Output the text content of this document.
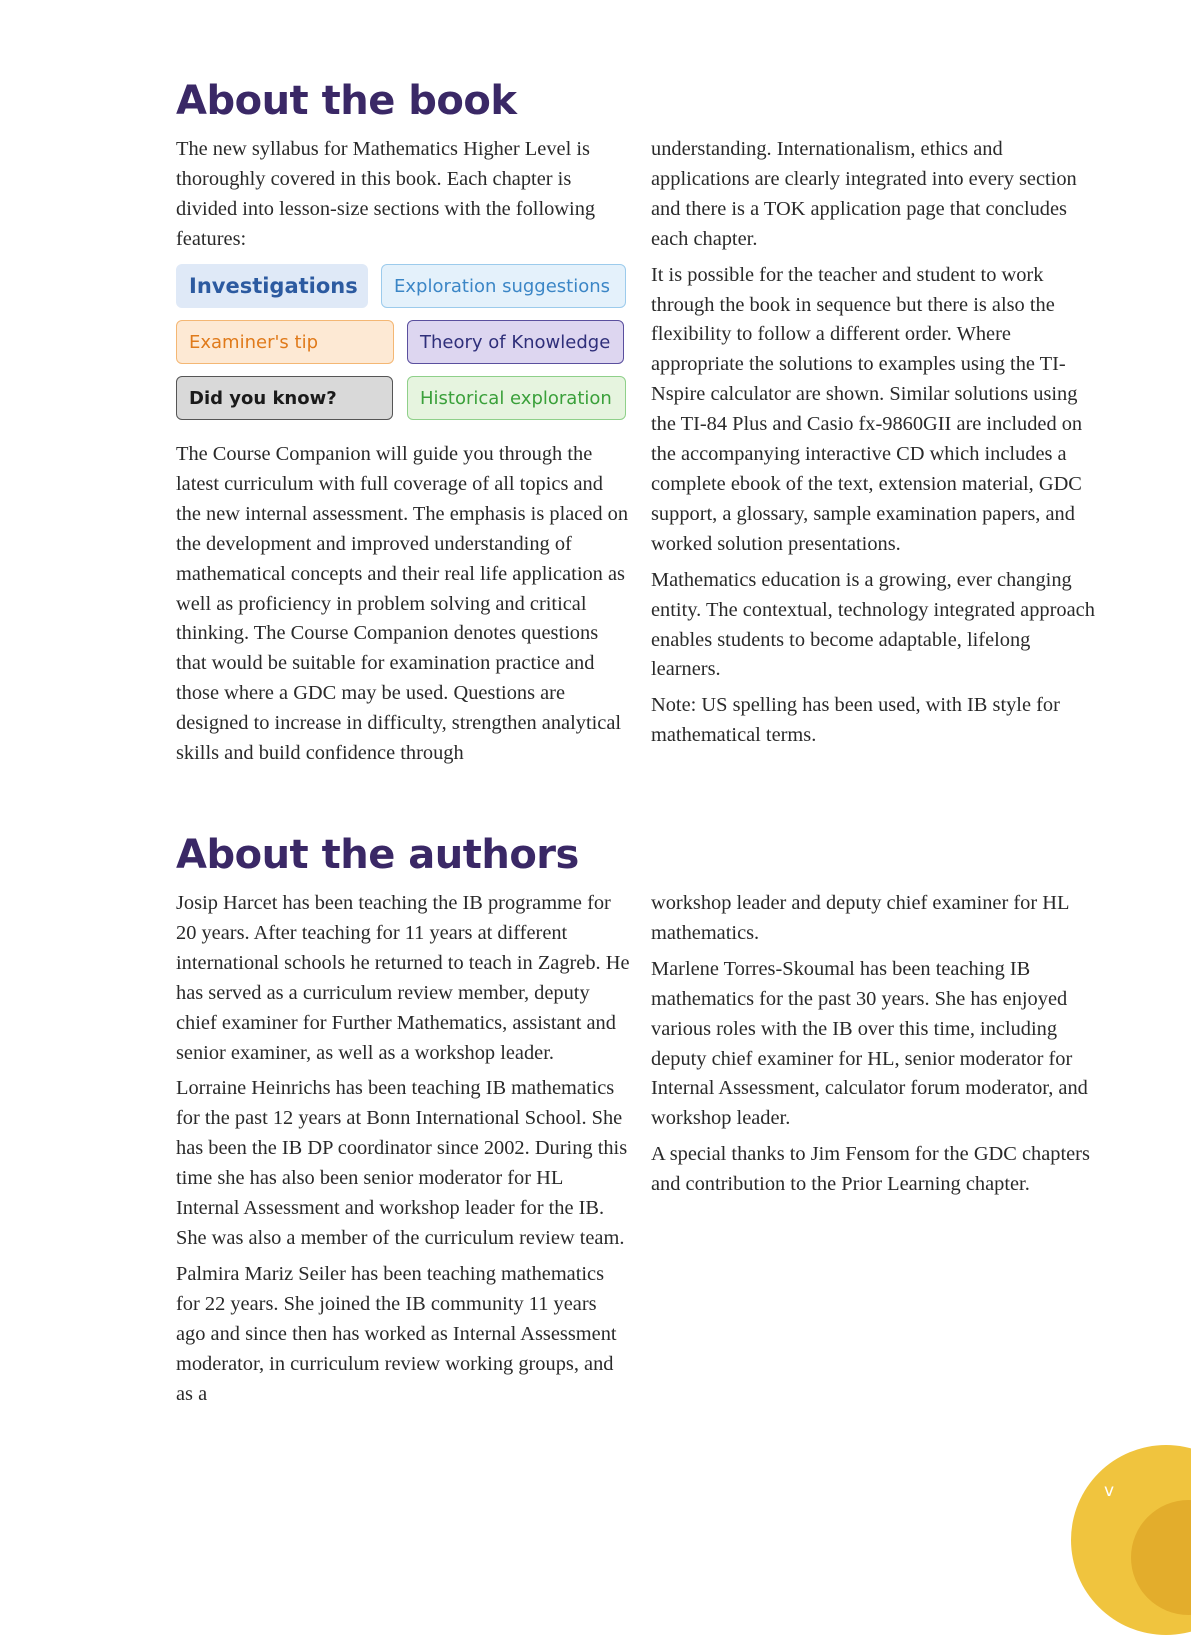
About the book

The new syllabus for Mathematics Higher Level is thoroughly covered in this book. Each chapter is divided into lesson-size sections with the following features:

Investigations	Exploration suggestions
Examiner's tip	Theory of Knowledge
Did you know?	Historical exploration

The Course Companion will guide you through the latest curriculum with full coverage of all topics and the new internal assessment. The emphasis is placed on the development and improved understanding of mathematical concepts and their real life application as well as proficiency in problem solving and critical thinking. The Course Companion denotes questions that would be suitable for examination practice and those where a GDC may be used. Questions are designed to increase in difficulty, strengthen analytical skills and build confidence through

understanding. Internationalism, ethics and applications are clearly integrated into every section and there is a TOK application page that concludes each chapter.

It is possible for the teacher and student to work through the book in sequence but there is also the flexibility to follow a different order. Where appropriate the solutions to examples using the TI-Nspire calculator are shown. Similar solutions using the TI-84 Plus and Casio fx-9860GII are included on the accompanying interactive CD which includes a complete ebook of the text, extension material, GDC support, a glossary, sample examination papers, and worked solution presentations.

Mathematics education is a growing, ever changing entity. The contextual, technology integrated approach enables students to become adaptable, lifelong learners.

Note: US spelling has been used, with IB style for mathematical terms.

About the authors

Josip Harcet has been teaching the IB programme for 20 years. After teaching for 11 years at different international schools he returned to teach in Zagreb. He has served as a curriculum review member, deputy chief examiner for Further Mathematics, assistant and senior examiner, as well as a workshop leader.

Lorraine Heinrichs has been teaching IB mathematics for the past 12 years at Bonn International School. She has been the IB DP coordinator since 2002. During this time she has also been senior moderator for HL Internal Assessment and workshop leader for the IB. She was also a member of the curriculum review team.

Palmira Mariz Seiler has been teaching mathematics for 22 years. She joined the IB community 11 years ago and since then has worked as Internal Assessment moderator, in curriculum review working groups, and as a

workshop leader and deputy chief examiner for HL mathematics.

Marlene Torres-Skoumal has been teaching IB mathematics for the past 30 years. She has enjoyed various roles with the IB over this time, including deputy chief examiner for HL, senior moderator for Internal Assessment, calculator forum moderator, and workshop leader.

A special thanks to Jim Fensom for the GDC chapters and contribution to the Prior Learning chapter.

v
